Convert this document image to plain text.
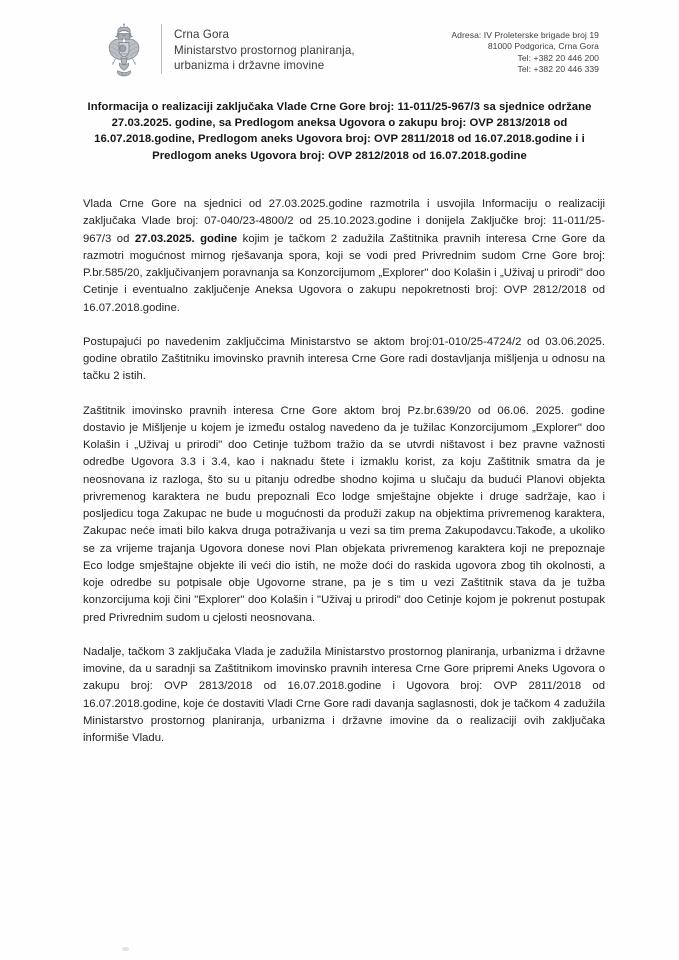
Crna Gora
Ministarstvo prostornog planiranja,
urbanizma i državne imovine
Adresa: IV Proleterske brigade broj 19
81000 Podgorica, Crna Gora
Tel: +382 20 446 200
Tel: +382 20 446 339
Informacija o realizaciji zaključaka Vlade Crne Gore broj: 11-011/25-967/3 sa sjednice održane 27.03.2025. godine, sa Predlogom aneksa Ugovora o zakupu broj: OVP 2813/2018 od 16.07.2018.godine, Predlogom aneks Ugovora broj: OVP 2811/2018 od 16.07.2018.godine i i Predlogom aneks Ugovora broj: OVP 2812/2018 od 16.07.2018.godine

Vlada Crne Gore na sjednici od 27.03.2025.godine razmotrila i usvojila Informaciju o realizaciji zaključaka Vlade broj: 07-040/23-4800/2 od 25.10.2023.godine i donijela Zaključke broj: 11-011/25-967/3 od 27.03.2025. godine kojim je tačkom 2 zadužila Zaštitnika pravnih interesa Crne Gore da razmotri mogućnost mirnog rješavanja spora, koji se vodi pred Privrednim sudom Crne Gore broj: P.br.585/20, zaključivanjem poravnanja sa Konzorcijumom „Explorer" doo Kolašin i „Uživaj u prirodi" doo Cetinje i eventualno zaključenje Aneksa Ugovora o zakupu nepokretnosti broj: OVP 2812/2018 od 16.07.2018.godine.

Postupajući po navedenim zaključcima Ministarstvo se aktom broj:01-010/25-4724/2 od 03.06.2025. godine obratilo Zaštitniku imovinsko pravnih interesa Crne Gore radi dostavljanja mišljenja u odnosu na tačku 2 istih.

Zaštitnik imovinsko pravnih interesa Crne Gore aktom broj Pz.br.639/20 od 06.06. 2025. godine dostavio je Mišljenje u kojem je između ostalog navedeno da je tužilac Konzorcijumom „Explorer" doo Kolašin i „Uživaj u prirodi" doo Cetinje tužbom tražio da se utvrdi ništavost i bez pravne važnosti odredbe Ugovora 3.3 i 3.4, kao i naknadu štete i izmaklu korist, za koju Zaštitnik smatra da je neosnovana iz razloga, što su u pitanju odredbe shodno kojima u slučaju da budući Planovi objekta privremenog karaktera ne budu prepoznali Eco lodge smještajne objekte i druge sadržaje, kao i posljedicu toga Zakupac ne bude u mogućnosti da produži zakup na objektima privremenog karaktera, Zakupac neće imati bilo kakva druga potraživanja u vezi sa tim prema Zakupodavcu.Takođe, a ukoliko se za vrijeme trajanja Ugovora donese novi Plan objekata privremenog karaktera koji ne prepoznaje Eco lodge smještajne objekte ili veći dio istih, ne može doći do raskida ugovora zbog tih okolnosti, a koje odredbe su potpisale obje Ugovorne strane, pa je s tim u vezi Zaštitnik stava da je tužba konzorcijuma koji čini "Explorer" doo Kolašin i "Uživaj u prirodi" doo Cetinje kojom je pokrenut postupak pred Privrednim sudom u cjelosti neosnovana.

Nadalje, tačkom 3 zaključaka Vlada je zadužila Ministarstvo prostornog planiranja, urbanizma i državne imovine, da u saradnji sa Zaštitnikom imovinsko pravnih interesa Crne Gore pripremi Aneks Ugovora o zakupu broj: OVP 2813/2018 od 16.07.2018.godine i Ugovora broj: OVP 2811/2018 od 16.07.2018.godine, koje će dostaviti Vladi Crne Gore radi davanja saglasnosti, dok je tačkom 4 zadužila Ministarstvo prostornog planiranja, urbanizma i državne imovine da o realizaciji ovih zaključaka informiše Vladu.
